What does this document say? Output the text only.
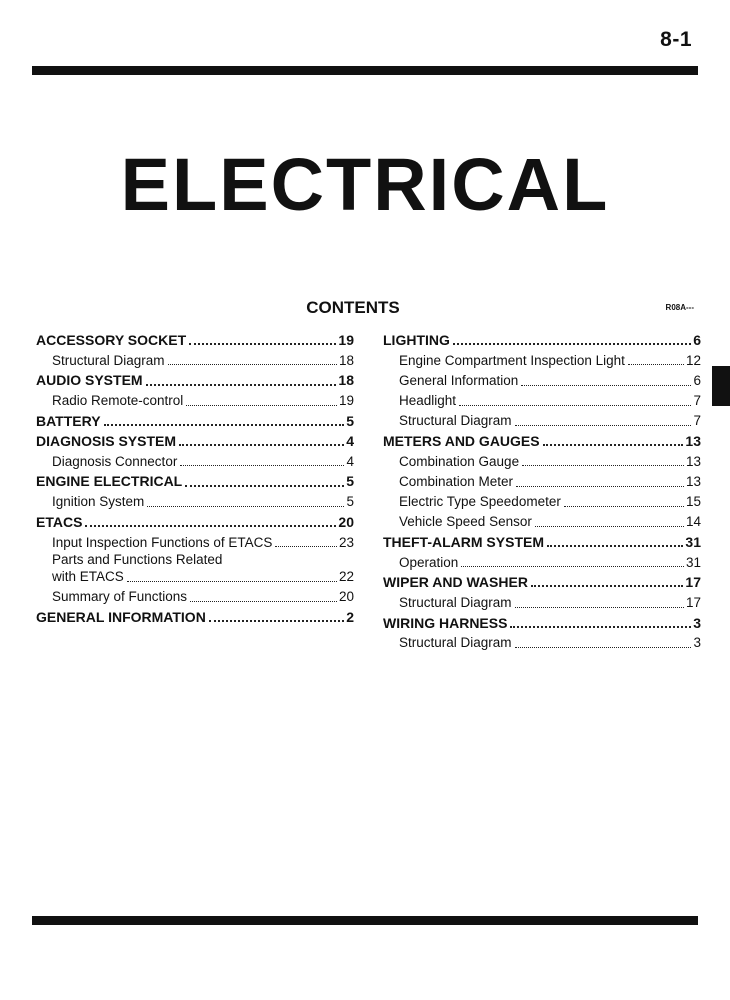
8-1
ELECTRICAL
CONTENTS	R08A---
ACCESSORY SOCKET	19
Structural Diagram	18
AUDIO SYSTEM	18
Radio Remote-control	19
BATTERY	5
DIAGNOSIS SYSTEM	4
Diagnosis Connector	4
ENGINE ELECTRICAL	5
Ignition System	5
ETACS	20
Input Inspection Functions of ETACS	23
Parts and Functions Related
with ETACS	22
Summary of Functions	20
GENERAL INFORMATION	2
LIGHTING	6
Engine Compartment Inspection Light	12
General Information	6
Headlight	7
Structural Diagram	7
METERS AND GAUGES	13
Combination Gauge	13
Combination Meter	13
Electric Type Speedometer	15
Vehicle Speed Sensor	14
THEFT-ALARM SYSTEM	31
Operation	31
WIPER AND WASHER	17
Structural Diagram	17
WIRING HARNESS	3
Structural Diagram	3
